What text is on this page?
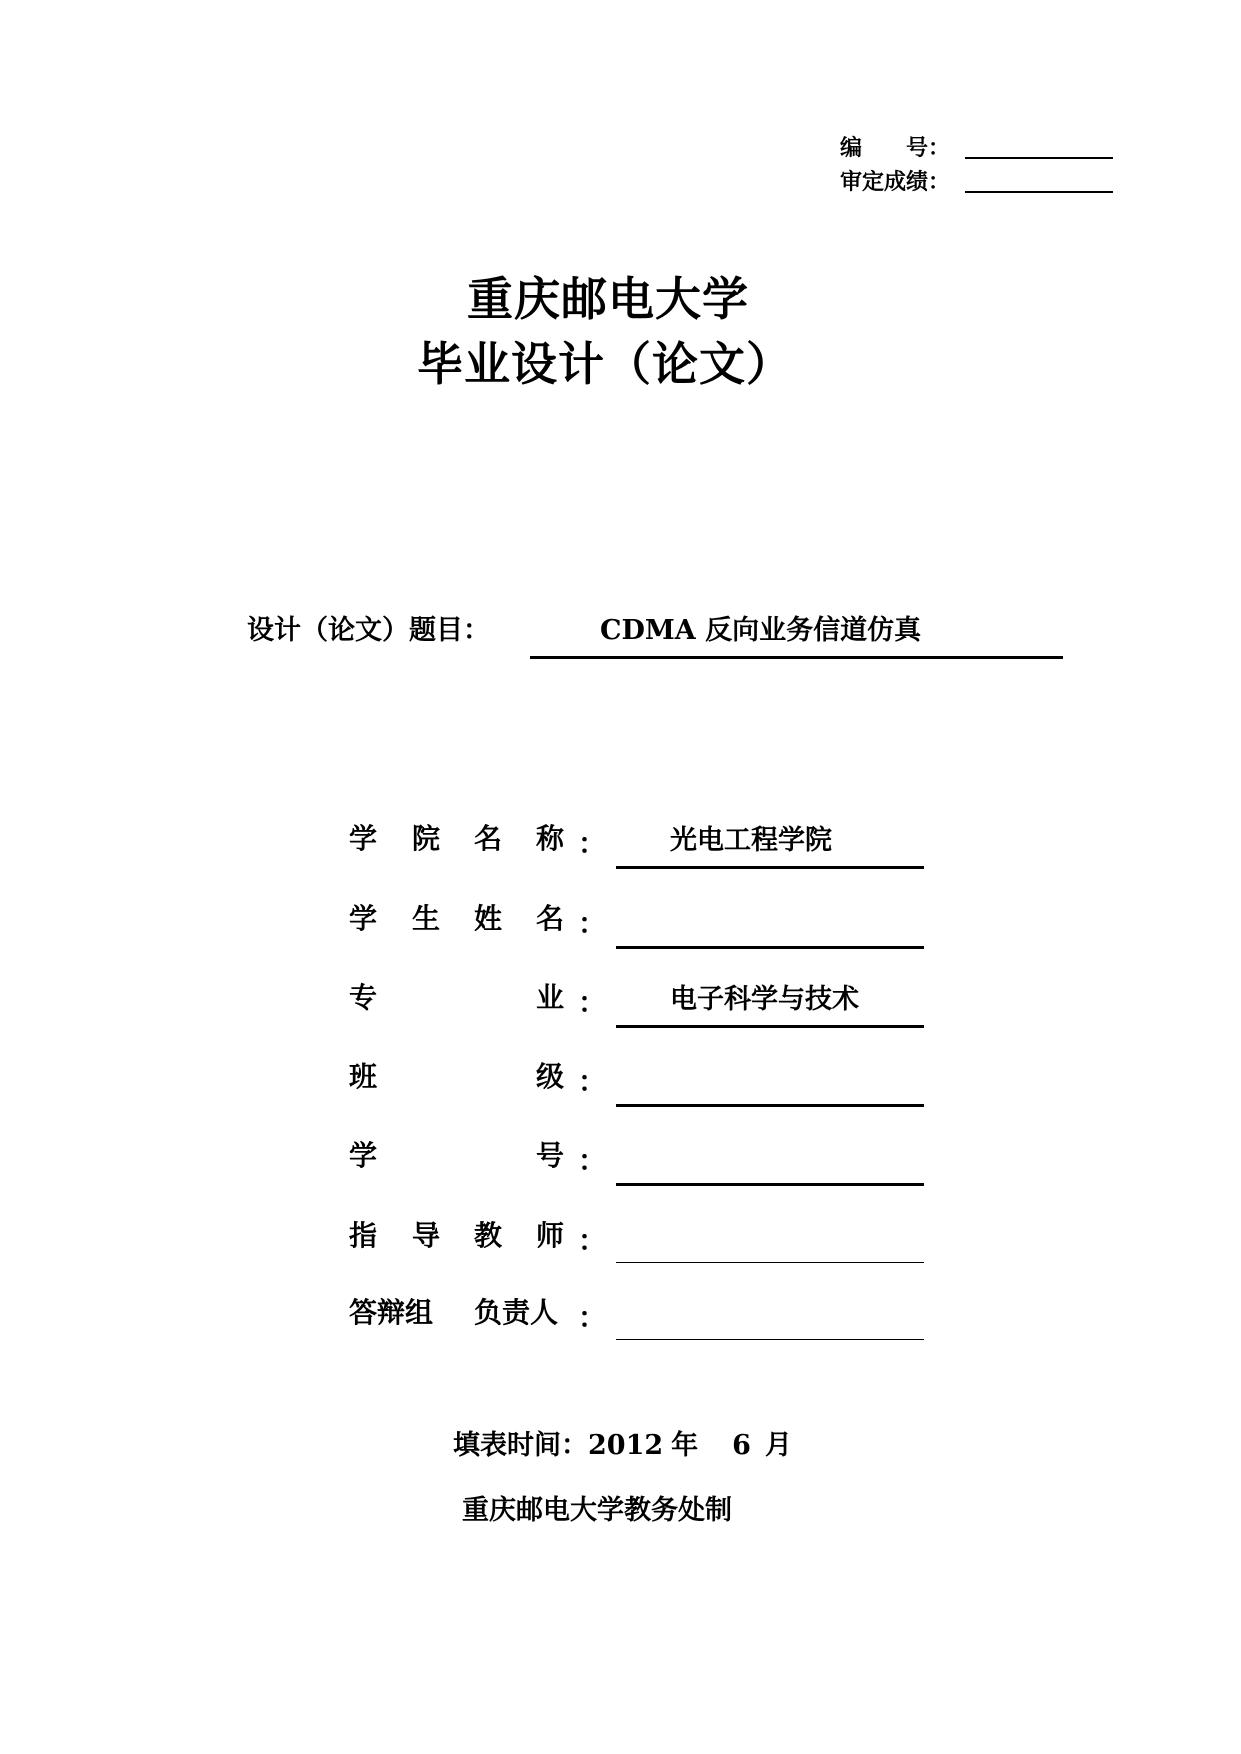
编　　号：
审定成绩：
重庆邮电大学
毕业设计（论文）
设计（论文）题目：	CDMA 反向业务信道仿真
学 院 名 称 ： 光电工程学院
学 生 姓 名 ：
专	业 ： 电子科学与技术
班	级 ：
学	号 ：
指 导 教 师 ：
答辩组 负责人 ：
填表时间：2012 年 6 月
重庆邮电大学教务处制
